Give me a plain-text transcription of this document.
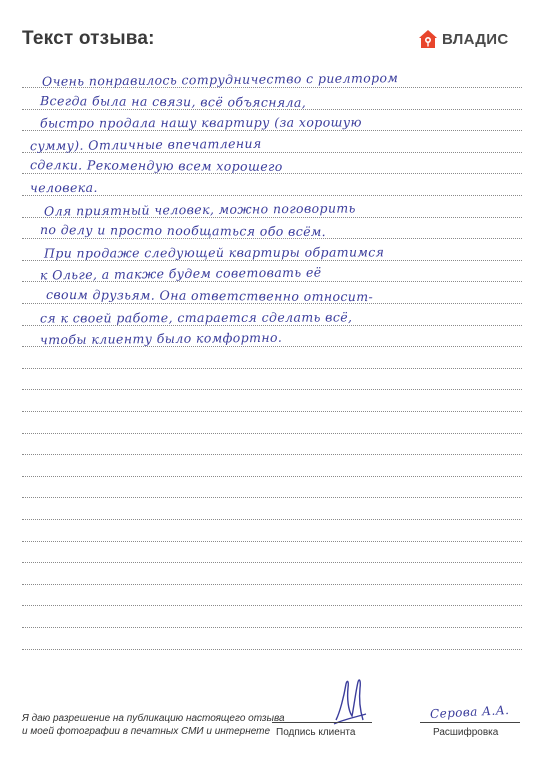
Текст отзыва:	ВЛАДИС
Очень понравилось сотрудничество с риелтором
Всегда была на связи, всё объясняла,
быстро продала нашу квартиру (за хорошую
сумму). Отличные впечатления
сделки. Рекомендую всем хорошего
человека.
Оля приятный человек, можно поговорить
по делу и просто пообщаться обо всём.
При продаже следующей квартиры обратимся
к Ольге, а также будем советовать её
своим друзьям. Она ответственно относит-
ся к своей работе, старается сделать всё,
чтобы клиенту было комфортно.
Я даю разрешение на публикацию настоящего отзыва
и моей фотографии в печатных СМИ и интернете Подпись клиента
Серова А.А.
Расшифровка
